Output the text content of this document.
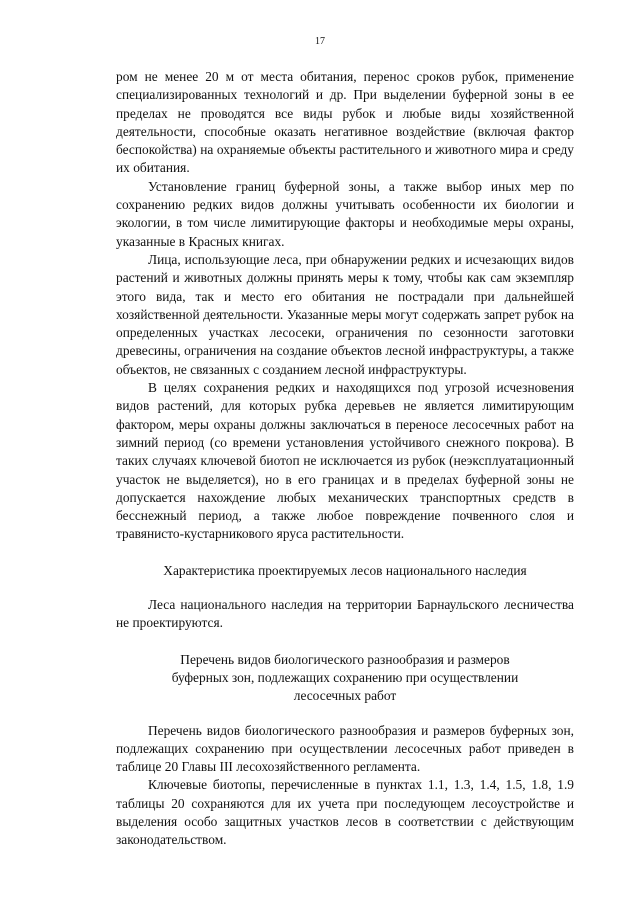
17

ром не менее 20 м от места обитания, перенос сроков рубок, применение специализированных технологий и др. При выделении буферной зоны в ее пределах не проводятся все виды рубок и любые виды хозяйственной деятельности, способные оказать негативное воздействие (включая фактор беспокойства) на охраняемые объекты растительного и животного мира и среду их обитания.

Установление границ буферной зоны, а также выбор иных мер по сохранению редких видов должны учитывать особенности их биологии и экологии, в том числе лимитирующие факторы и необходимые меры охраны, указанные в Красных книгах.

Лица, использующие леса, при обнаружении редких и исчезающих видов растений и животных должны принять меры к тому, чтобы как сам экземпляр этого вида, так и место его обитания не пострадали при дальнейшей хозяйственной деятельности. Указанные меры могут содержать запрет рубок на определенных участках лесосеки, ограничения по сезонности заготовки древесины, ограничения на создание объектов лесной инфраструктуры, а также объектов, не связанных с созданием лесной инфраструктуры.

В целях сохранения редких и находящихся под угрозой исчезновения видов растений, для которых рубка деревьев не является лимитирующим фактором, меры охраны должны заключаться в переносе лесосечных работ на зимний период (со времени установления устойчивого снежного покрова). В таких случаях ключевой биотоп не исключается из рубок (неэксплуатационный участок не выделяется), но в его границах и в пределах буферной зоны не допускается нахождение любых механических транспортных средств в бесснежный период, а также любое повреждение почвенного слоя и травянисто-кустарникового яруса растительности.

Характеристика проектируемых лесов национального наследия

Леса национального наследия на территории Барнаульского лесничества не проектируются.

Перечень видов биологического разнообразия и размеров

буферных зон, подлежащих сохранению при осуществлении

лесосечных работ

Перечень видов биологического разнообразия и размеров буферных зон, подлежащих сохранению при осуществлении лесосечных работ приведен в таблице 20 Главы III лесохозяйственного регламента.

Ключевые биотопы, перечисленные в пунктах 1.1, 1.3, 1.4, 1.5, 1.8, 1.9 таблицы 20 сохраняются для их учета при последующем лесоустройстве и выделения особо защитных участков лесов в соответствии с действующим законодательством.
